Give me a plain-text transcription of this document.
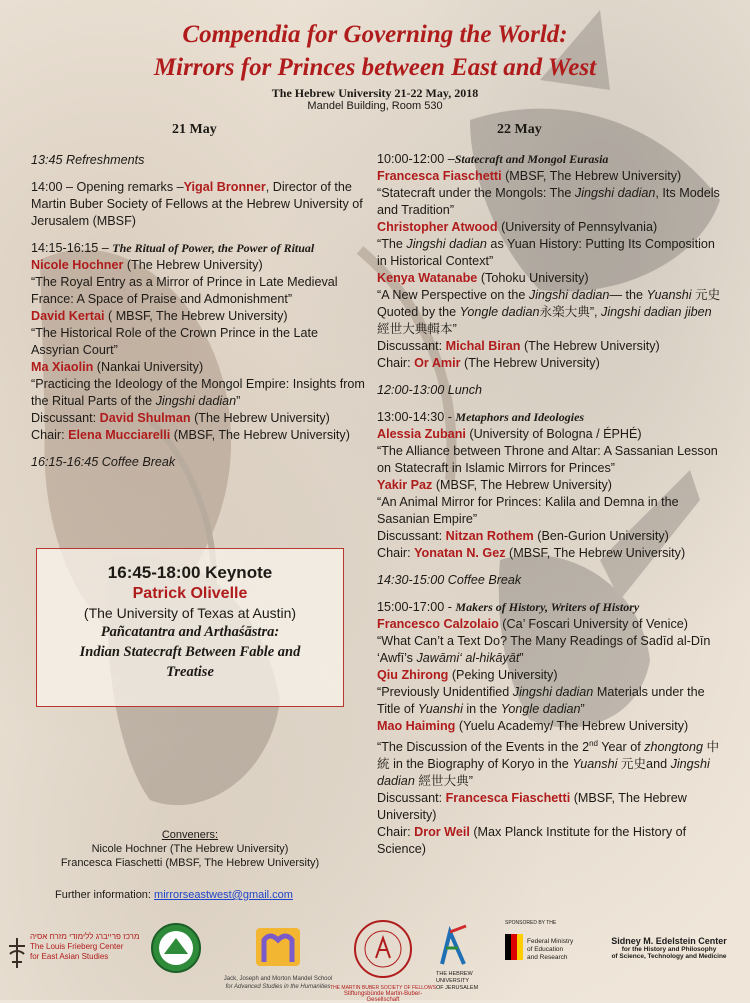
Compendia for Governing the World:
Mirrors for Princes between East and West
The Hebrew University 21-22 May, 2018
Mandel Building, Room 530
21 May	22 May

13:45 Refreshments

14:00 – Opening remarks –Yigal Bronner, Director of the Martin Buber Society of Fellows at the Hebrew University of Jerusalem (MBSF)

14:15-16:15 – The Ritual of Power, the Power of Ritual

Nicole Hochner (The Hebrew University)

“The Royal Entry as a Mirror of Prince in Late Medieval France: A Space of Praise and Admonishment”

David Kertai ( MBSF, The Hebrew University)

“The Historical Role of the Crown Prince in the Late Assyrian Court”

Ma Xiaolin (Nankai University)

“Practicing the Ideology of the Mongol Empire: Insights from the Ritual Parts of the Jingshi dadian”

Discussant: David Shulman (The Hebrew University)

Chair: Elena Mucciarelli (MBSF, The Hebrew University)

16:15-16:45 Coffee Break

16:45-18:00 Keynote
Patrick Olivelle
(The University of Texas at Austin)
Pañcatantra and Arthaśāstra:
Indian Statecraft Between Fable and
Treatise
Conveners:
Nicole Hochner (The Hebrew University)
Francesca Fiaschetti (MBSF, The Hebrew University)
Further information: mirrorseastwest@gmail.com

10:00-12:00 –Statecraft and Mongol Eurasia

Francesca Fiaschetti (MBSF, The Hebrew University)

“Statecraft under the Mongols: The Jingshi dadian, Its Models and Tradition”

Christopher Atwood (University of Pennsylvania)

“The Jingshi dadian as Yuan History: Putting Its Composition in Historical Context”

Kenya Watanabe (Tohoku University)

“A New Perspective on the Jingshi dadian— the Yuanshi 元史 Quoted by the Yongle dadian永楽大典”, Jingshi dadian jiben 經世大典輯本”

Discussant: Michal Biran (The Hebrew University)

Chair: Or Amir (The Hebrew University)

12:00-13:00 Lunch

13:00-14:30 - Metaphors and Ideologies

Alessia Zubani (University of Bologna / ÉPHÉ)

“The Alliance between Throne and Altar: A Sassanian Lesson on Statecraft in Islamic Mirrors for Princes”

Yakir Paz (MBSF, The Hebrew University)

“An Animal Mirror for Princes: Kalila and Demna in the Sasanian Empire”

Discussant: Nitzan Rothem (Ben-Gurion University)

Chair: Yonatan N. Gez (MBSF, The Hebrew University)

14:30-15:00 Coffee Break

15:00-17:00 - Makers of History, Writers of History

Francesco Calzolaio (Ca’ Foscari University of Venice)

“What Can’t a Text Do? The Many Readings of Sadīd al-Dīn ‘Awfī’s Jawāmi‘ al-hikāyāt”

Qiu Zhirong (Peking University)

“Previously Unidentified Jingshi dadian Materials under the Title of Yuanshi in the Yongle dadian”

Mao Haiming (Yuelu Academy/ The Hebrew University)

“The Discussion of the Events in the 2nd Year of zhongtong 中統 in the Biography of Koryo in the Yuanshi 元史and Jingshi dadian 經世大典”

Discussant: Francesca Fiaschetti (MBSF, The Hebrew University)

Chair: Dror Weil (Max Planck Institute for the History of Science)

מרכז פרייברג ללימודי מזרח אסיה
The Louis Frieberg Center
for East Asian Studies
Jack, Joseph and Morton Mandel School
for Advanced Studies in the Humanities THE MARTIN BUBER SOCIETY OF FELLOWS
Stiftungsbünde Martin-Buber-Gesellschaft
THE HEBREW
UNIVERSITY
OF JERUSALEM
SPONSORED BY THE
Federal Ministry
of Education
and Research
Sidney M. Edelstein Center
for the History and Philosophy
of Science, Technology and Medicine
